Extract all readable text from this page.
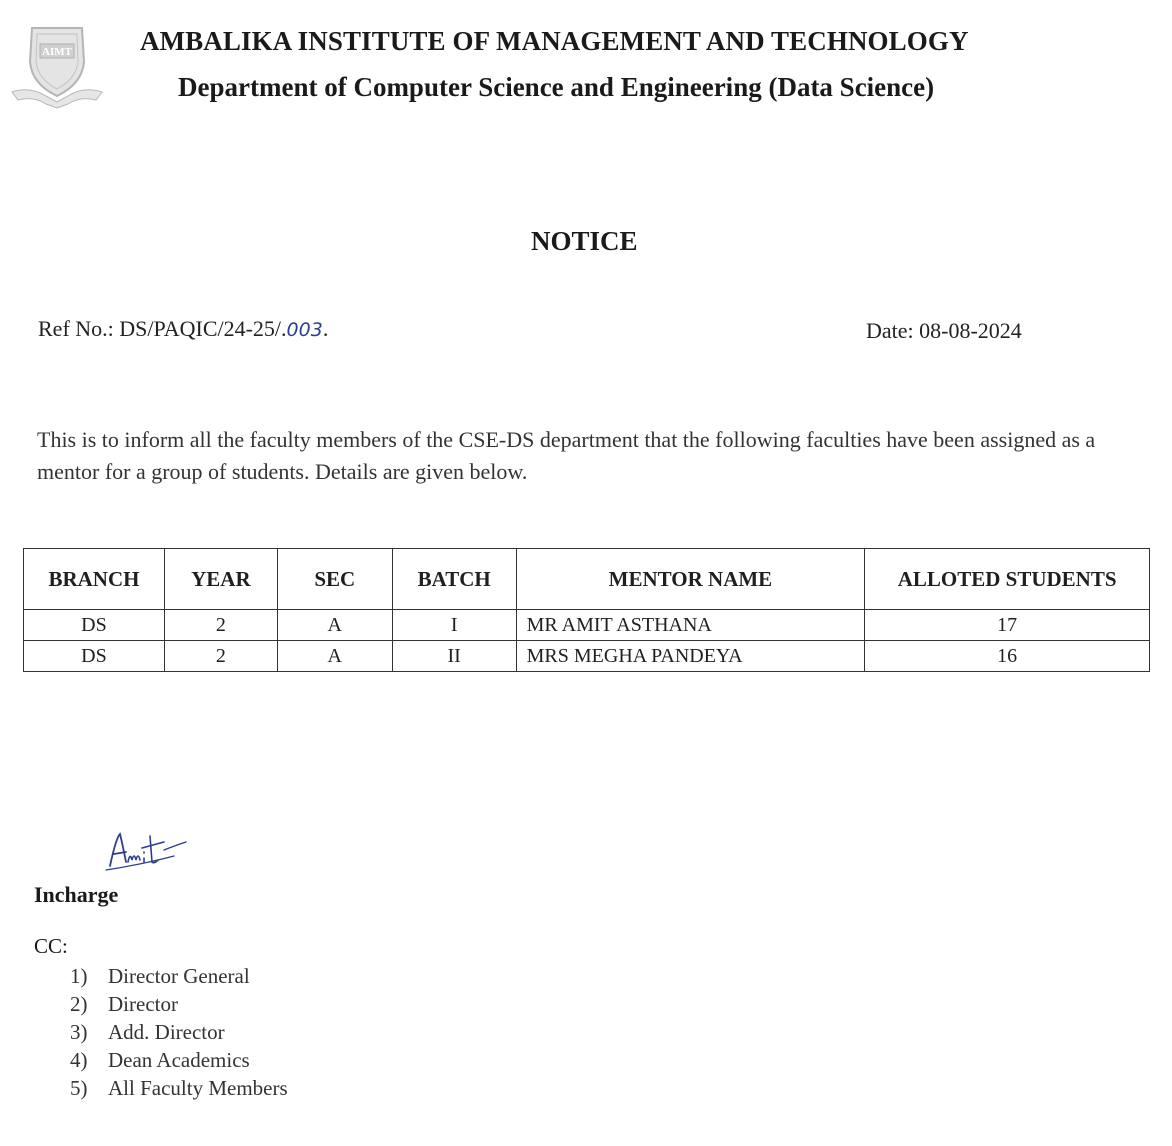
AIMT	AMBALIKA INSTITUTE OF MANAGEMENT AND TECHNOLOGY
Department of Computer Science and Engineering (Data Science)
NOTICE
Ref No.: DS/PAQIC/24-25/.003.	Date: 08-08-2024
This is to inform all the faculty members of the CSE-DS department that the following faculties have been assigned as a mentor for a group of students. Details are given below.
BRANCH	YEAR	SEC	BATCH	MENTOR NAME	ALLOTED STUDENTS
DS	2	A	I	MR AMIT ASTHANA	17
DS	2	A	II	MRS MEGHA PANDEYA	16
Incharge
CC:
1) Director General
2) Director
3) Add. Director
4) Dean Academics
5) All Faculty Members
